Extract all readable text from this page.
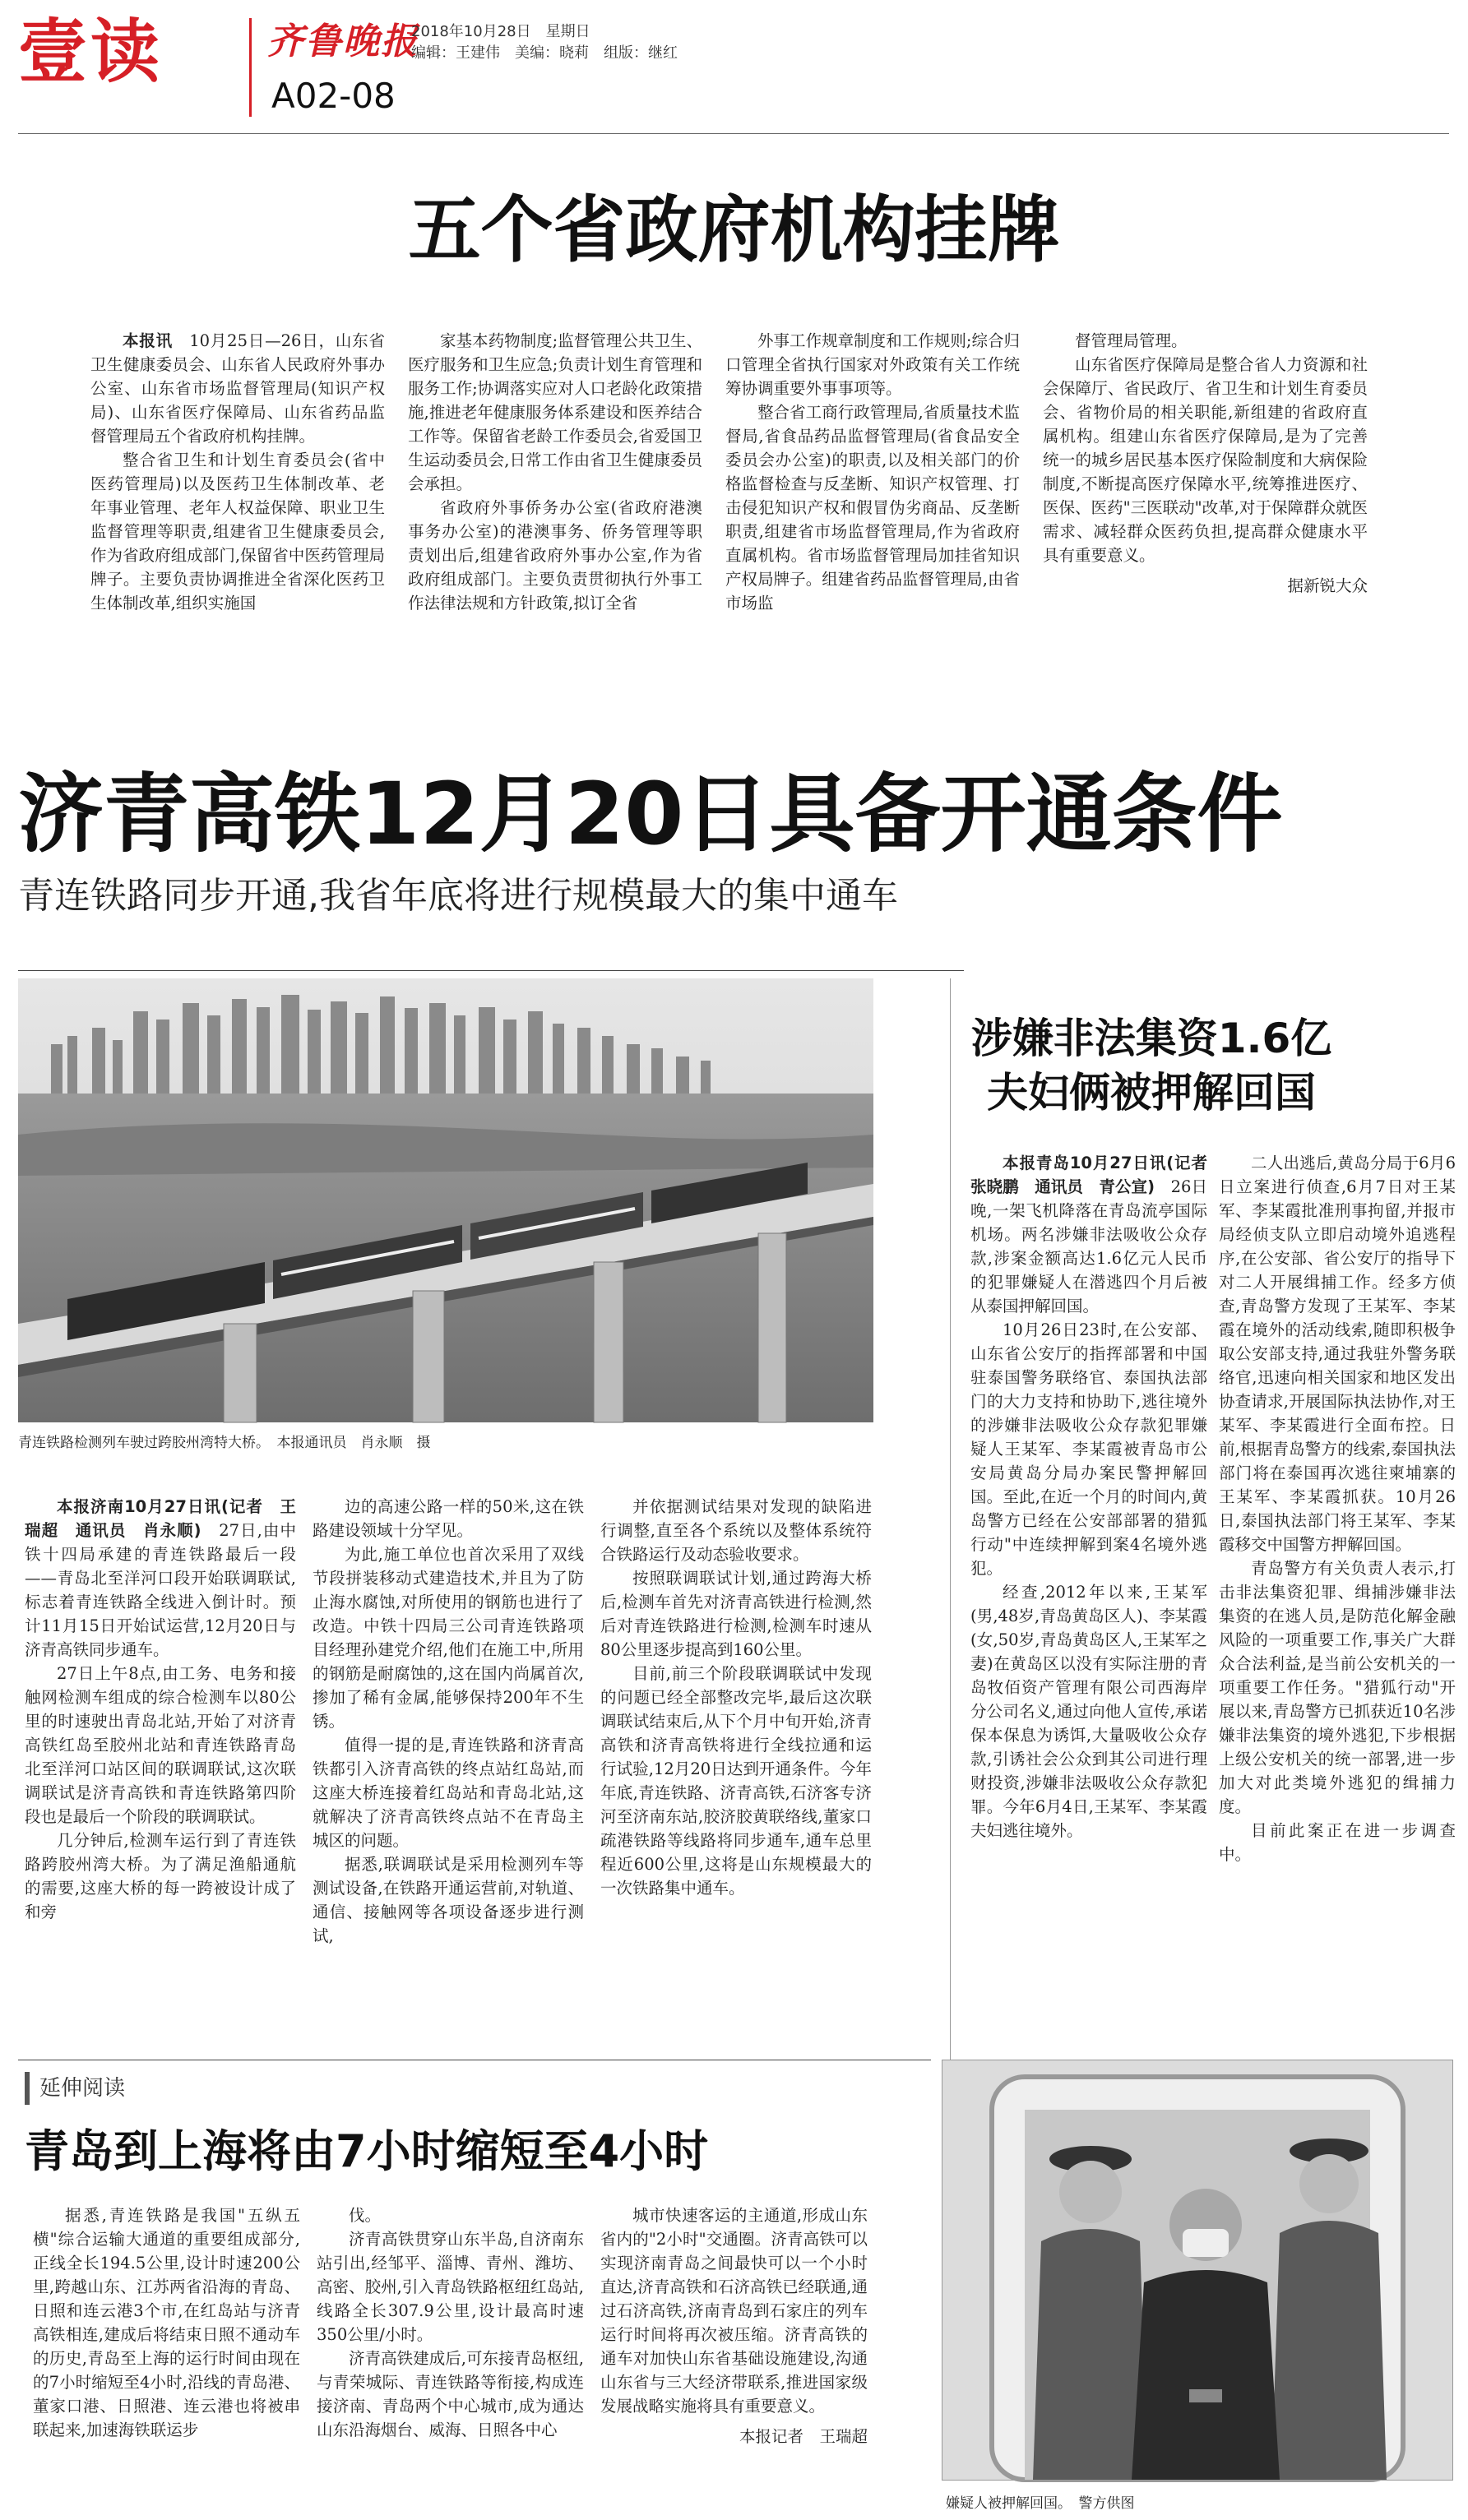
壹读	齐鲁晚报
2018年10月28日　星期日
编辑：王建伟　美编：晓莉　组版：继红
A02-08
五个省政府机构挂牌

本报讯　 10月25日—26日，山东省卫生健康委员会、山东省人民政府外事办公室、山东省市场监督管理局(知识产权局)、山东省医疗保障局、山东省药品监督管理局五个省政府机构挂牌。

整合省卫生和计划生育委员会(省中医药管理局)以及医药卫生体制改革、老年事业管理、老年人权益保障、职业卫生监督管理等职责,组建省卫生健康委员会,作为省政府组成部门,保留省中医药管理局牌子。主要负责协调推进全省深化医药卫生体制改革,组织实施国

家基本药物制度;监督管理公共卫生、医疗服务和卫生应急;负责计划生育管理和服务工作;协调落实应对人口老龄化政策措施,推进老年健康服务体系建设和医养结合工作等。保留省老龄工作委员会,省爱国卫生运动委员会,日常工作由省卫生健康委员会承担。

省政府外事侨务办公室(省政府港澳事务办公室)的港澳事务、侨务管理等职责划出后,组建省政府外事办公室,作为省政府组成部门。主要负责贯彻执行外事工作法律法规和方针政策,拟订全省

外事工作规章制度和工作规则;综合归口管理全省执行国家对外政策有关工作统筹协调重要外事事项等。

整合省工商行政管理局,省质量技术监督局,省食品药品监督管理局(省食品安全委员会办公室)的职责,以及相关部门的价格监督检查与反垄断、知识产权管理、打击侵犯知识产权和假冒伪劣商品、反垄断职责,组建省市场监督管理局,作为省政府直属机构。省市场监督管理局加挂省知识产权局牌子。组建省药品监督管理局,由省市场监

督管理局管理。

山东省医疗保障局是整合省人力资源和社会保障厅、省民政厅、省卫生和计划生育委员会、省物价局的相关职能,新组建的省政府直属机构。组建山东省医疗保障局,是为了完善统一的城乡居民基本医疗保险制度和大病保险制度,不断提高医疗保障水平,统筹推进医疗、医保、医药"三医联动"改革,对于保障群众就医需求、减轻群众医药负担,提高群众健康水平具有重要意义。

据新锐大众
济青高铁12月20日具备开通条件
青连铁路同步开通,我省年底将进行规模最大的集中通车
青连铁路检测列车驶过跨胶州湾特大桥。　本报通讯员　肖永顺　摄

本报济南10月27日讯(记者　王瑞超　通讯员　肖永顺)　 27日,由中铁十四局承建的青连铁路最后一段——青岛北至洋河口段开始联调联试,标志着青连铁路全线进入倒计时。预计11月15日开始试运营,12月20日与济青高铁同步通车。

27日上午8点,由工务、电务和接触网检测车组成的综合检测车以80公里的时速驶出青岛北站,开始了对济青高铁红岛至胶州北站和青连铁路青岛北至洋河口站区间的联调联试,这次联调联试是济青高铁和青连铁路第四阶段也是最后一个阶段的联调联试。

几分钟后,检测车运行到了青连铁路跨胶州湾大桥。为了满足渔船通航的需要,这座大桥的每一跨被设计成了和旁

边的高速公路一样的50米,这在铁路建设领域十分罕见。

为此,施工单位也首次采用了双线节段拼装移动式建造技术,并且为了防止海水腐蚀,对所使用的钢筋也进行了改造。中铁十四局三公司青连铁路项目经理孙建党介绍,他们在施工中,所用的钢筋是耐腐蚀的,这在国内尚属首次,掺加了稀有金属,能够保持200年不生锈。

值得一提的是,青连铁路和济青高铁都引入济青高铁的终点站红岛站,而这座大桥连接着红岛站和青岛北站,这就解决了济青高铁终点站不在青岛主城区的问题。

据悉,联调联试是采用检测列车等测试设备,在铁路开通运营前,对轨道、通信、接触网等各项设备逐步进行测试,

并依据测试结果对发现的缺陷进行调整,直至各个系统以及整体系统符合铁路运行及动态验收要求。

按照联调联试计划,通过跨海大桥后,检测车首先对济青高铁进行检测,然后对青连铁路进行检测,检测车时速从80公里逐步提高到160公里。

目前,前三个阶段联调联试中发现的问题已经全部整改完毕,最后这次联调联试结束后,从下个月中旬开始,济青高铁和济青高铁将进行全线拉通和运行试验,12月20日达到开通条件。今年年底,青连铁路、济青高铁,石济客专济河至济南东站,胶济胶黄联络线,董家口疏港铁路等线路将同步通车,通车总里程近600公里,这将是山东规模最大的一次铁路集中通车。

涉嫌非法集资1.6亿
夫妇俩被押解回国

本报青岛10月27日讯(记者　张晓鹏　通讯员　青公宣)　 26日晚,一架飞机降落在青岛流亭国际机场。两名涉嫌非法吸收公众存款,涉案金额高达1.6亿元人民币的犯罪嫌疑人在潜逃四个月后被从泰国押解回国。

10月26日23时,在公安部、山东省公安厅的指挥部署和中国驻泰国警务联络官、泰国执法部门的大力支持和协助下,逃往境外的涉嫌非法吸收公众存款犯罪嫌疑人王某军、李某霞被青岛市公安局黄岛分局办案民警押解回国。至此,在近一个月的时间内,黄岛警方已经在公安部部署的猎狐行动"中连续押解到案4名境外逃犯。

经查,2012年以来,王某军(男,48岁,青岛黄岛区人)、李某霞(女,50岁,青岛黄岛区人,王某军之妻)在黄岛区以没有实际注册的青岛牧佰资产管理有限公司西海岸分公司名义,通过向他人宣传,承诺保本保息为诱饵,大量吸收公众存款,引诱社会公众到其公司进行理财投资,涉嫌非法吸收公众存款犯罪。今年6月4日,王某军、李某霞夫妇逃往境外。

二人出逃后,黄岛分局于6月6日立案进行侦查,6月7日对王某军、李某霞批准刑事拘留,并报市局经侦支队立即启动境外追逃程序,在公安部、省公安厅的指导下对二人开展缉捕工作。经多方侦查,青岛警方发现了王某军、李某霞在境外的活动线索,随即积极争取公安部支持,通过我驻外警务联络官,迅速向相关国家和地区发出协查请求,开展国际执法协作,对王某军、李某霞进行全面布控。日前,根据青岛警方的线索,泰国执法部门将在泰国再次逃往柬埔寨的王某军、李某霞抓获。10月26日,泰国执法部门将王某军、李某霞移交中国警方押解回国。

青岛警方有关负责人表示,打击非法集资犯罪、缉捕涉嫌非法集资的在逃人员,是防范化解金融风险的一项重要工作,事关广大群众合法利益,是当前公安机关的一项重要工作任务。"猎狐行动"开展以来,青岛警方已抓获近10名涉嫌非法集资的境外逃犯,下步根据上级公安机关的统一部署,进一步加大对此类境外逃犯的缉捕力度。

目前此案正在进一步调查中。

延伸阅读
青岛到上海将由7小时缩短至4小时

据悉,青连铁路是我国"五纵五横"综合运输大通道的重要组成部分,正线全长194.5公里,设计时速200公里,跨越山东、江苏两省沿海的青岛、日照和连云港3个市,在红岛站与济青高铁相连,建成后将结束日照不通动车的历史,青岛至上海的运行时间由现在的7小时缩短至4小时,沿线的青岛港、董家口港、日照港、连云港也将被串联起来,加速海铁联运步

伐。

济青高铁贯穿山东半岛,自济南东站引出,经邹平、淄博、青州、潍坊、高密、胶州,引入青岛铁路枢纽红岛站,线路全长307.9公里,设计最高时速350公里/小时。

济青高铁建成后,可东接青岛枢纽,与青荣城际、青连铁路等衔接,构成连接济南、青岛两个中心城市,成为通达山东沿海烟台、威海、日照各中心

城市快速客运的主通道,形成山东省内的"2小时"交通圈。济青高铁可以实现济南青岛之间最快可以一个小时直达,济青高铁和石济高铁已经联通,通过石济高铁,济南青岛到石家庄的列车运行时间将再次被压缩。济青高铁的通车对加快山东省基础设施建设,沟通山东省与三大经济带联系,推进国家级发展战略实施将具有重要意义。

本报记者　王瑞超
嫌疑人被押解回国。　警方供图
